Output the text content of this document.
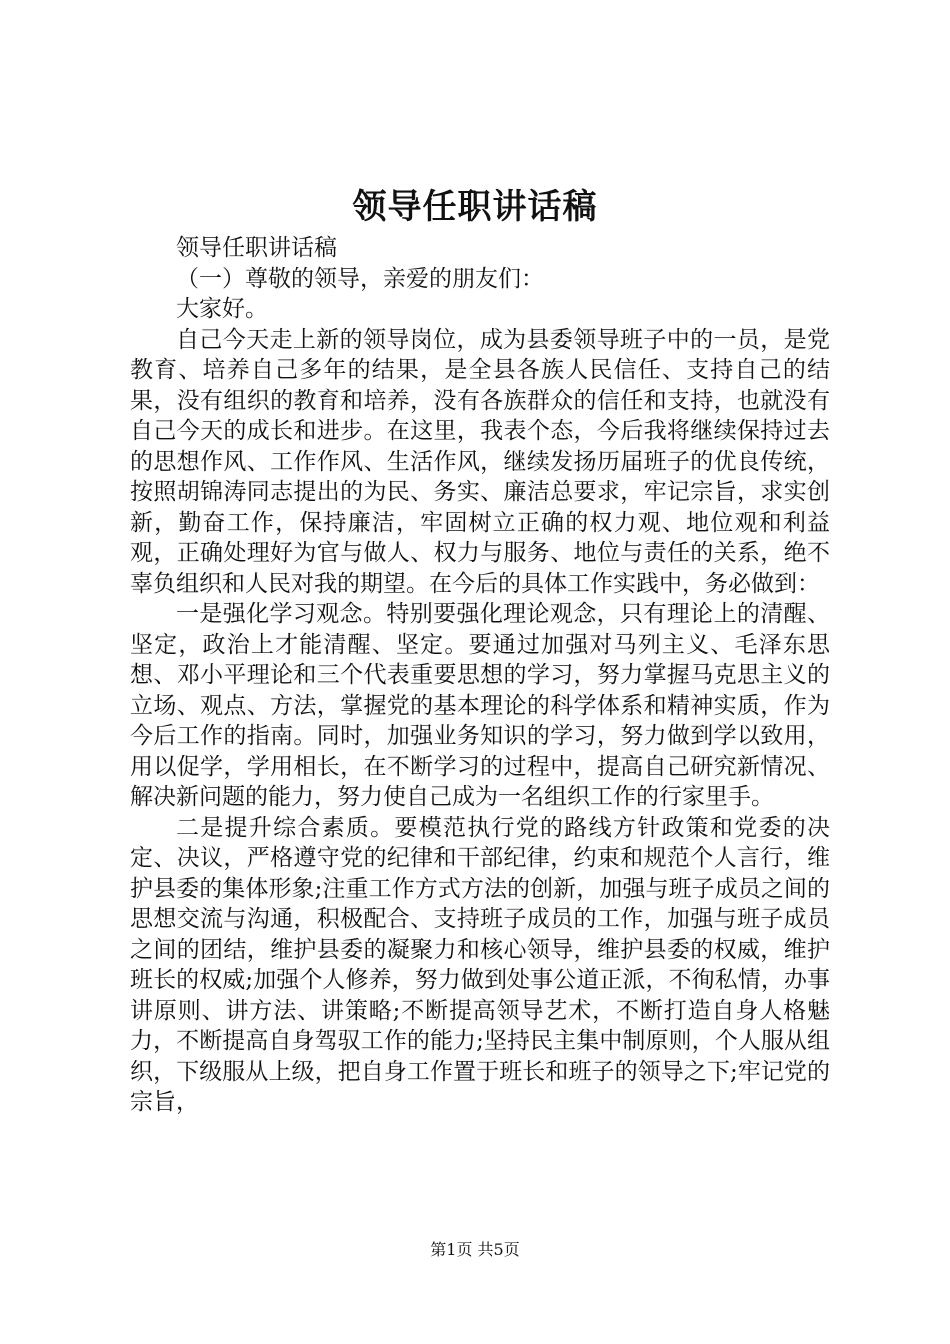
领导任职讲话稿

领导任职讲话稿

（一）尊敬的领导，亲爱的朋友们：

大家好。

自己今天走上新的领导岗位，成为县委领导班子中的一员，是党教育、培养自己多年的结果，是全县各族人民信任、支持自己的结果，没有组织的教育和培养，没有各族群众的信任和支持，也就没有自己今天的成长和进步。在这里，我表个态，今后我将继续保持过去的思想作风、工作作风、生活作风，继续发扬历届班子的优良传统，按照胡锦涛同志提出的为民、务实、廉洁总要求，牢记宗旨，求实创新，勤奋工作，保持廉洁，牢固树立正确的权力观、地位观和利益观，正确处理好为官与做人、权力与服务、地位与责任的关系，绝不辜负组织和人民对我的期望。在今后的具体工作实践中，务必做到：

一是强化学习观念。特别要强化理论观念，只有理论上的清醒、坚定，政治上才能清醒、坚定。要通过加强对马列主义、毛泽东思想、邓小平理论和三个代表重要思想的学习，努力掌握马克思主义的立场、观点、方法，掌握党的基本理论的科学体系和精神实质，作为今后工作的指南。同时，加强业务知识的学习，努力做到学以致用，用以促学，学用相长，在不断学习的过程中，提高自己研究新情况、解决新问题的能力，努力使自己成为一名组织工作的行家里手。

二是提升综合素质。要模范执行党的路线方针政策和党委的决定、决议，严格遵守党的纪律和干部纪律，约束和规范个人言行，维护县委的集体形象;注重工作方式方法的创新，加强与班子成员之间的思想交流与沟通，积极配合、支持班子成员的工作，加强与班子成员之间的团结，维护县委的凝聚力和核心领导，维护县委的权威，维护班长的权威;加强个人修养，努力做到处事公道正派，不徇私情，办事讲原则、讲方法、讲策略;不断提高领导艺术，不断打造自身人格魅力，不断提高自身驾驭工作的能力;坚持民主集中制原则，个人服从组织，下级服从上级，把自身工作置于班长和班子的领导之下;牢记党的宗旨，

第1页 共5页
